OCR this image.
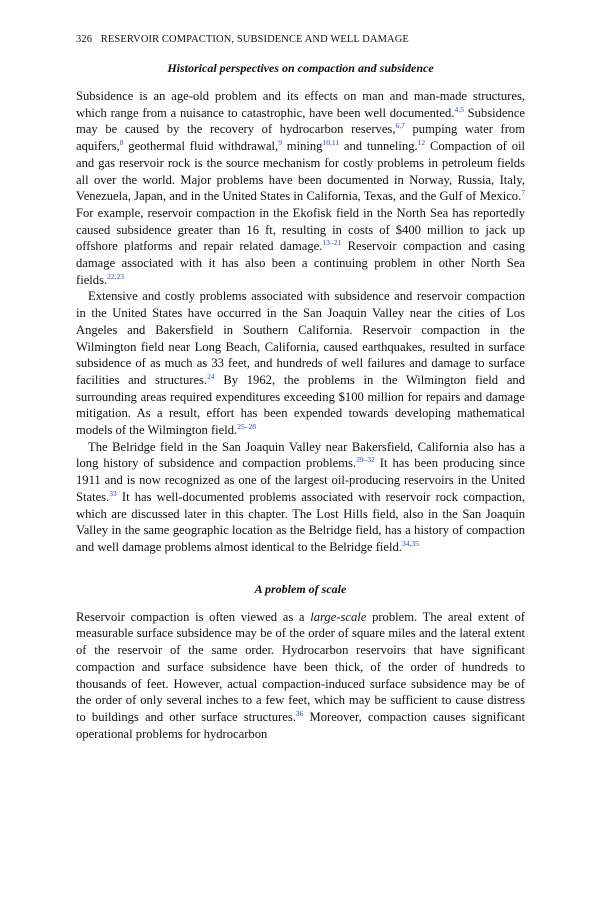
326 RESERVOIR COMPACTION, SUBSIDENCE AND WELL DAMAGE
Historical perspectives on compaction and subsidence

Subsidence is an age-old problem and its effects on man and man-made structures, which range from a nuisance to catastrophic, have been well documented.$^{4,5}$ Subsidence may be caused by the recovery of hydrocarbon reserves,$^{6,7}$ pumping water from aquifers,$^8$ geothermal fluid withdrawal,$^9$ mining$^{10,11}$ and tunneling.$^{12}$ Compaction of oil and gas reservoir rock is the source mechanism for costly problems in petroleum fields all over the world. Major problems have been documented in Norway, Russia, Italy, Venezuela, Japan, and in the United States in California, Texas, and the Gulf of Mexico.$^7$ For example, reservoir compaction in the Ekofisk field in the North Sea has reportedly caused subsidence greater than 16 ft, resulting in costs of $400 million to jack up offshore platforms and repair related damage.$^{13-21}$ Reservoir compaction and casing damage associated with it has also been a continuing problem in other North Sea fields.$^{22,23}$

Extensive and costly problems associated with subsidence and reservoir compaction in the United States have occurred in the San Joaquin Valley near the cities of Los Angeles and Bakersfield in Southern California. Reservoir compaction in the Wilmington field near Long Beach, California, caused earthquakes, resulted in surface subsidence of as much as 33 feet, and hundreds of well failures and damage to surface facilities and structures.$^{24}$ By 1962, the problems in the Wilmington field and surrounding areas required expenditures exceeding $100 million for repairs and damage mitigation. As a result, effort has been expended towards developing mathematical models of the Wilmington field.$^{25-28}$

The Belridge field in the San Joaquin Valley near Bakersfield, California also has a long history of subsidence and compaction problems.$^{29-32}$ It has been producing since 1911 and is now recognized as one of the largest oil-producing reservoirs in the United States.$^{33}$ It has well-documented problems associated with reservoir rock compaction, which are discussed later in this chapter. The Lost Hills field, also in the San Joaquin Valley in the same geographic location as the Belridge field, has a history of compaction and well damage problems almost identical to the Belridge field.$^{34,35}$

A problem of scale

Reservoir compaction is often viewed as a large-scale problem. The areal extent of measurable surface subsidence may be of the order of square miles and the lateral extent of the reservoir of the same order. Hydrocarbon reservoirs that have significant compaction and surface subsidence have been thick, of the order of hundreds to thousands of feet. However, actual compaction-induced surface subsidence may be of the order of only several inches to a few feet, which may be sufficient to cause distress to buildings and other surface structures.$^{36}$ Moreover, compaction causes significant operational problems for hydrocarbon
